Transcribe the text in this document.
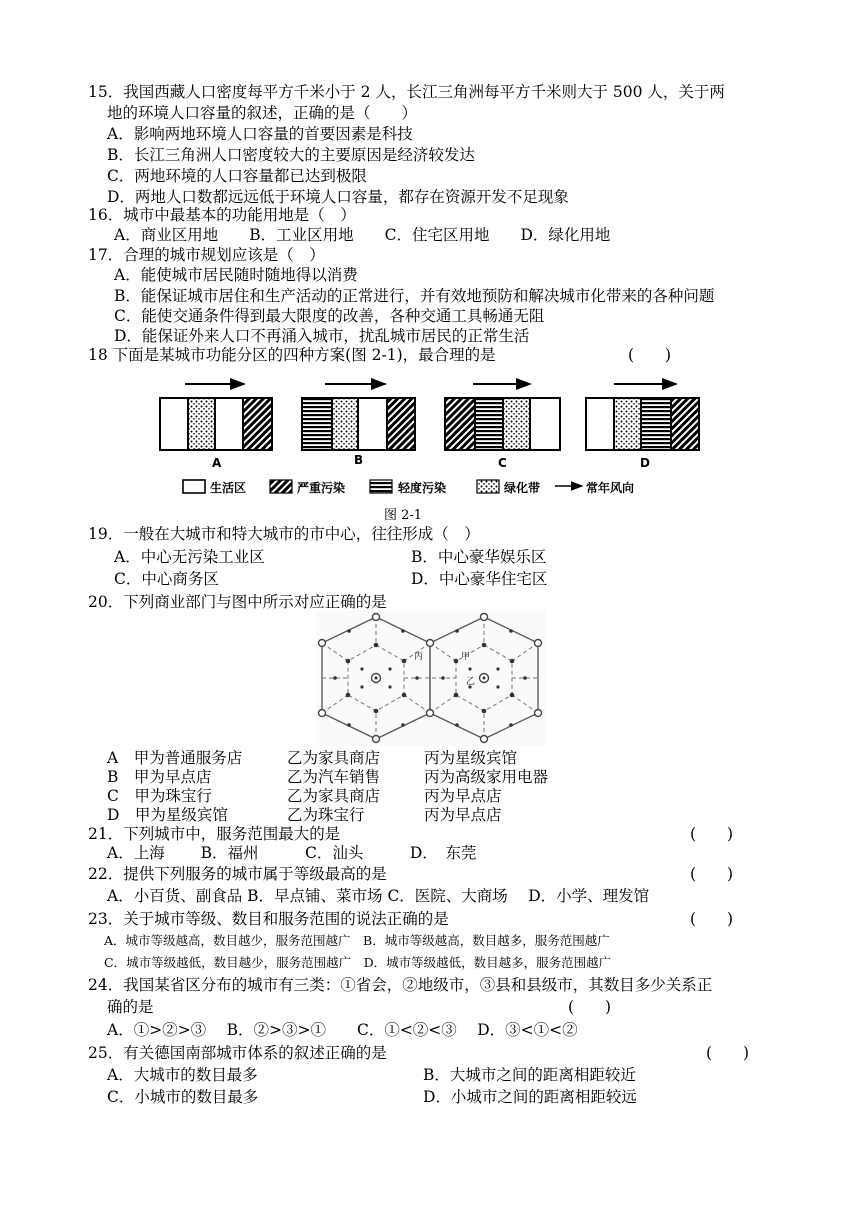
15．我国西藏人口密度每平方千米小于 2 人，长江三角洲每平方千米则大于 500 人，关于两
地的环境人口容量的叙述，正确的是（　　）
A．影响两地环境人口容量的首要因素是科技
B．长江三角洲人口密度较大的主要原因是经济较发达
C．两地环境的人口容量都已达到极限
D．两地人口数都远远低于环境人口容量，都存在资源开发不足现象
16．城市中最基本的功能用地是（　）
A．商业区用地　　B．工业区用地　　C．住宅区用地　　D．绿化用地
17．合理的城市规划应该是（　）
A．能使城市居民随时随地得以消费
B．能保证城市居住和生产活动的正常进行，并有效地预防和解决城市化带来的各种问题
C．能使交通条件得到最大限度的改善，各种交通工具畅通无阻
D．能保证外来人口不再涌入城市，扰乱城市居民的正常生活
18 下面是某城市功能分区的四种方案(图 2-1)，最合理的是	(　　)
A	B	C	D
生活区	严重污染	轻度污染	绿化带	常年风向
图 2-1
19．一般在大城市和特大城市的市中心，往往形成（　）
A．中心无污染工业区	B．中心豪华娱乐区
C．中心商务区	D．中心豪华住宅区
20．下列商业部门与图中所示对应正确的是
丙	甲
乙
A　甲为普通服务店	乙为家具商店	丙为星级宾馆
B　甲为早点店	乙为汽车销售	丙为高级家用电器
C　甲为珠宝行	乙为家具商店	丙为早点店
D　甲为星级宾馆	乙为珠宝行	丙为早点店
21．下列城市中，服务范围最大的是	(　　)
A．上海　　 B．福州　　　C．汕头　　　D．　东莞
22．提供下列服务的城市属于等级最高的是	(　　)
A．小百货、副食品 B．早点铺、菜市场 C．医院、大商场　 D．小学、理发馆
23．关于城市等级、数目和服务范围的说法正确的是	(　　)
A．城市等级越高，数目越少，服务范围越广　B．城市等级越高，数目越多，服务范围越广
C．城市等级越低，数目越少，服务范围越广　D．城市等级越低，数目越多，服务范围越广
24．我国某省区分布的城市有三类：①省会，②地级市，③县和县级市，其数目多少关系正
确的是	(　　)
A．①>②>③　 B．②>③>①　　C．①<②<③　 D．③<①<②
25．有关德国南部城市体系的叙述正确的是	(　　)
A．大城市的数目最多	B．大城市之间的距离相距较近
C．小城市的数目最多	D．小城市之间的距离相距较远
